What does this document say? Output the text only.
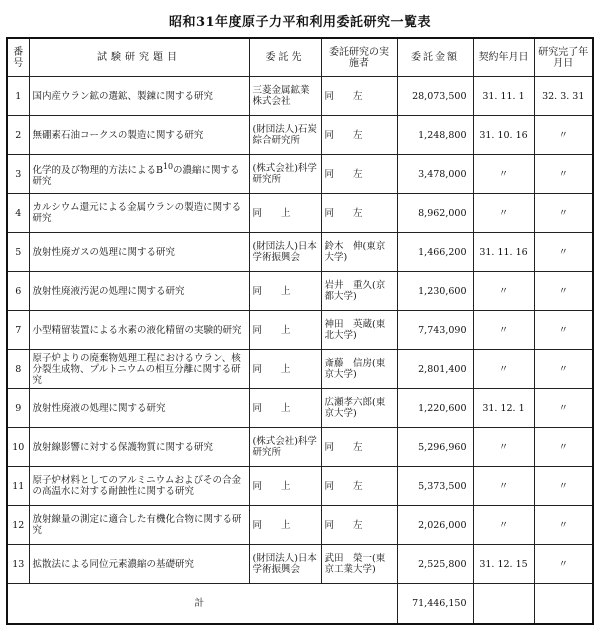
昭和31年度原子力平和利用委託研究一覧表
番号	試験研究題目	委託先	委託研究の実施者	委託金額	契約年月日	研究完了年月日
1	国内産ウラン鉱の選鉱、製錬に関する研究	三菱金属鉱業株式会社	同　　左	28,073,500	31. 11. 1	32. 3. 31
2	無硼素石油コークスの製造に関する研究	(財団法人)石炭綜合研究所	同　　左	1,248,800	31. 10. 16	〃
3	化学的及び物理的方法による$B^{10}$の濃縮に関する研究	(株式会社)科学研究所	同　　左	3,478,000	〃	〃
4	カルシウム還元による金属ウランの製造に関する研究	同　　上	同　　左	8,962,000	〃	〃
5	放射性廃ガスの処理に関する研究	(財団法人)日本学術振興会	鈴木　伸(東京大学)	1,466,200	31. 11. 16	〃
6	放射性廃液汚泥の処理に関する研究	同　　上	岩井　重久(京都大学)	1,230,600	〃	〃
7	小型精留装置による水素の液化精留の実験的研究	同　　上	神田　英蔵(東北大学)	7,743,090	〃	〃
8	原子炉よりの廃棄物処理工程におけるウラン、核分裂生成物、プルトニウムの相互分離に関する研究	同　　上	斎藤　信房(東京大学)	2,801,400	〃	〃
9	放射性廃液の処理に関する研究	同　　上	広瀬孝六郎(東京大学)	1,220,600	31. 12. 1	〃
10	放射線影響に対する保護物質に関する研究	(株式会社)科学研究所	同　　左	5,296,960	〃	〃
11	原子炉材料としてのアルミニウムおよびその合金の高温水に対する耐蝕性に関する研究	同　　上	同　　左	5,373,500	〃	〃
12	放射線量の測定に適合した有機化合物に関する研究	同　　上	同　　左	2,026,000	〃	〃
13	拡散法による同位元素濃縮の基礎研究	(財団法人)日本学術振興会	武田　榮一(東京工業大学)	2,525,800	31. 12. 15	〃
計				71,446,150		
